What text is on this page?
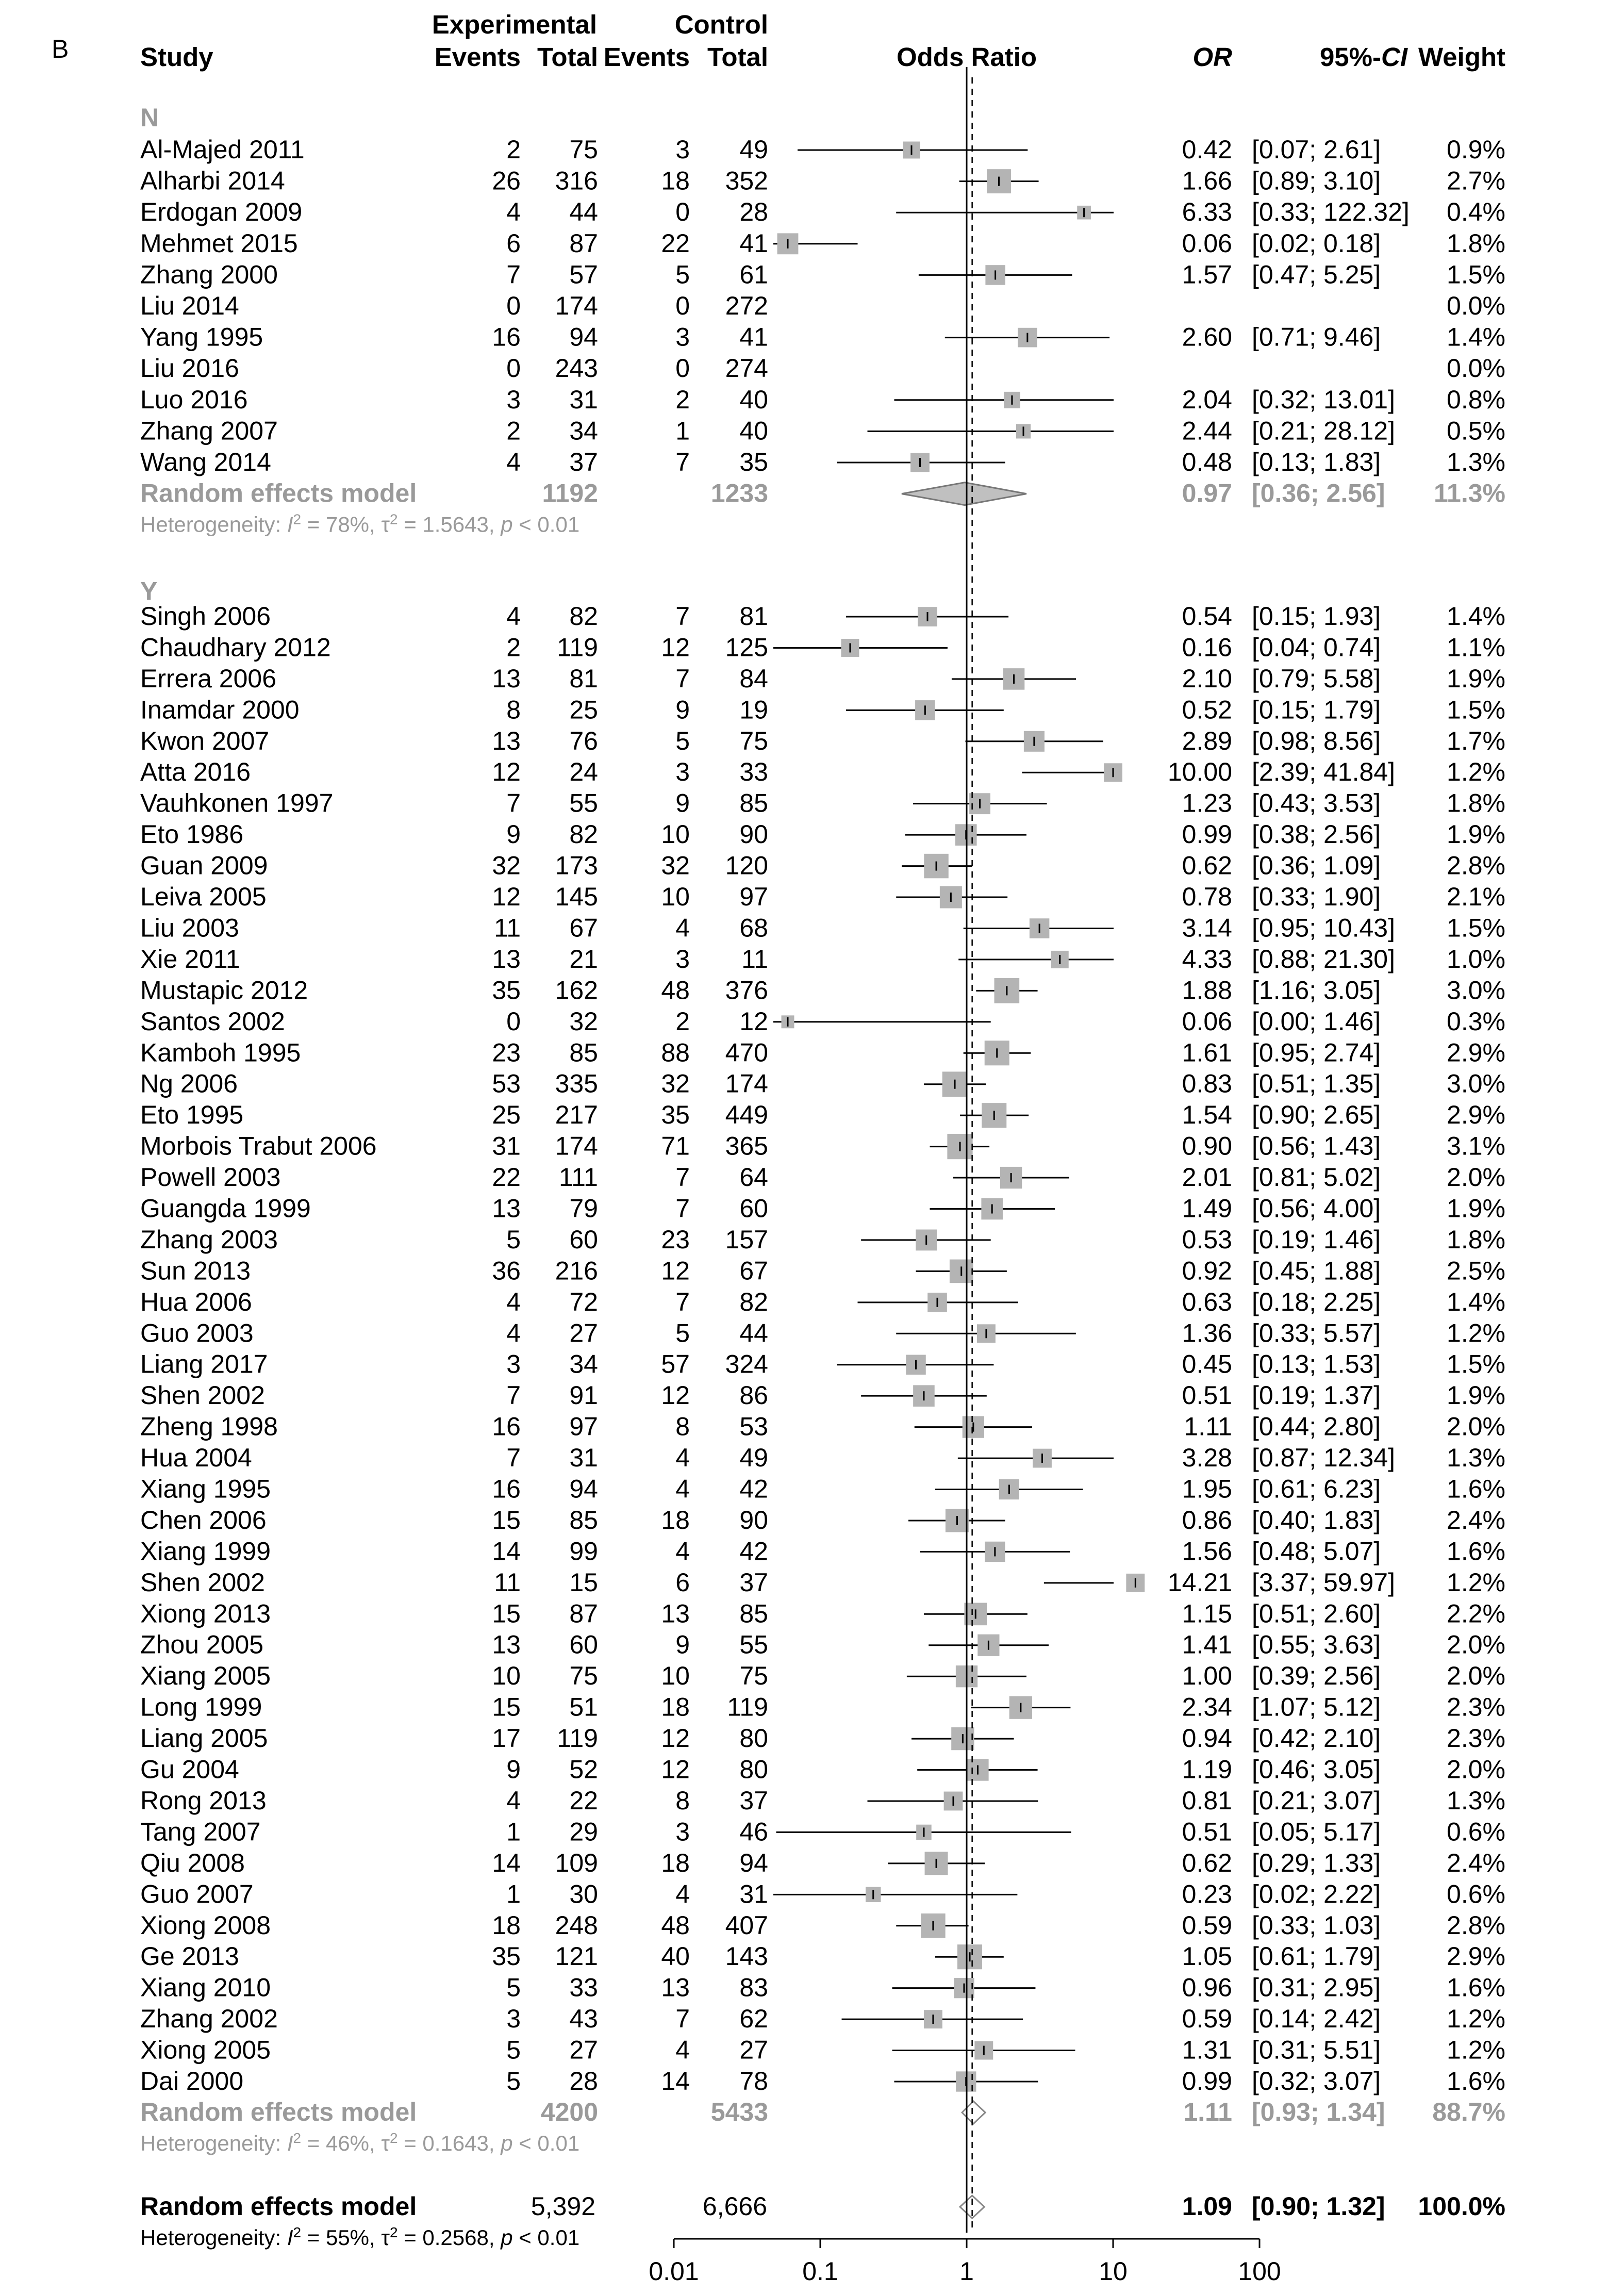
B
Experimental	Control
Study	Events Total Events Total	Odds Ratio	OR	95%-CI Weight
N
Al-Majed 2011	2 75	3 49	0.42 [0.07; 2.61]	0.9%
Alharbi 2014	26 316 18 352	1.66 [0.89; 3.10]	2.7%
Erdogan 2009	4 44	0 28	6.33 [0.33; 122.32] 0.4%
Mehmet 2015	6 87 22 41	0.06 [0.02; 0.18]	1.8%
Zhang 2000	7 57	5 61	1.57 [0.47; 5.25]	1.5%
Liu 2014	0 174	0 272	0.0%
Yang 1995	16 94	3 41	2.60 [0.71; 9.46]	1.4%
Liu 2016	0 243	0 274	0.0%
Luo 2016	3 31	2 40	2.04 [0.32; 13.01] 0.8%
Zhang 2007	2 34	1 40	2.44 [0.21; 28.12] 0.5%
Wang 2014	4 37	7 35	0.48 [0.13; 1.83]	1.3%
Random effects model	1192	1233	0.97 [0.36; 2.56] 11.3%
Heterogeneity: $I^2 = 78\%$, $\tau^2 = 1.5643$, p < 0.01
Y
Singh 2006	4 82	7 81	0.54 [0.15; 1.93]	1.4%
Chaudhary 2012	2 119 12 125	0.16 [0.04; 0.74]	1.1%
Errera 2006	13 81	7 84	2.10 [0.79; 5.58]	1.9%
Inamdar 2000	8 25	9 19	0.52 [0.15; 1.79]	1.5%
Kwon 2007	13 76	5 75	2.89 [0.98; 8.56]	1.7%
Atta 2016	12 24	3 33	10.00 [2.39; 41.84] 1.2%
Vauhkonen 1997	7 55	9 85	1.23 [0.43; 3.53]	1.8%
Eto 1986	9 82 10 90	0.99 [0.38; 2.56]	1.9%
Guan 2009	32 173 32 120	0.62 [0.36; 1.09]	2.8%
Leiva 2005	12 145 10 97	0.78 [0.33; 1.90]	2.1%
Liu 2003	11 67	4 68	3.14 [0.95; 10.43] 1.5%
Xie 2011	13 21	3 11	4.33 [0.88; 21.30] 1.0%
Mustapic 2012	35 162 48 376	1.88 [1.16; 3.05]	3.0%
Santos 2002	0 32	2 12	0.06 [0.00; 1.46]	0.3%
Kamboh 1995	23 85 88 470	1.61 [0.95; 2.74]	2.9%
Ng 2006	53 335 32 174	0.83 [0.51; 1.35]	3.0%
Eto 1995	25 217 35 449	1.54 [0.90; 2.65]	2.9%
Morbois Trabut 2006	31 174 71 365	0.90 [0.56; 1.43]	3.1%
Powell 2003	22 111	7 64	2.01 [0.81; 5.02]	2.0%
Guangda 1999	13 79	7 60	1.49 [0.56; 4.00]	1.9%
Zhang 2003	5 60 23 157	0.53 [0.19; 1.46]	1.8%
Sun 2013	36 216 12 67	0.92 [0.45; 1.88]	2.5%
Hua 2006	4 72	7 82	0.63 [0.18; 2.25]	1.4%
Guo 2003	4 27	5 44	1.36 [0.33; 5.57]	1.2%
Liang 2017	3 34 57 324	0.45 [0.13; 1.53]	1.5%
Shen 2002	7 91 12 86	0.51 [0.19; 1.37]	1.9%
Zheng 1998	16 97	8 53	1.11 [0.44; 2.80]	2.0%
Hua 2004	7 31	4 49	3.28 [0.87; 12.34] 1.3%
Xiang 1995	16 94	4 42	1.95 [0.61; 6.23]	1.6%
Chen 2006	15 85 18 90	0.86 [0.40; 1.83]	2.4%
Xiang 1999	14 99	4 42	1.56 [0.48; 5.07]	1.6%
Shen 2002	11 15	6 37	14.21 [3.37; 59.97] 1.2%
Xiong 2013	15 87 13 85	1.15 [0.51; 2.60]	2.2%
Zhou 2005	13 60	9 55	1.41 [0.55; 3.63]	2.0%
Xiang 2005	10 75 10 75	1.00 [0.39; 2.56]	2.0%
Long 1999	15 51 18 119	2.34 [1.07; 5.12]	2.3%
Liang 2005	17 119 12 80	0.94 [0.42; 2.10]	2.3%
Gu 2004	9 52 12 80	1.19 [0.46; 3.05]	2.0%
Rong 2013	4 22	8 37	0.81 [0.21; 3.07]	1.3%
Tang 2007	1 29	3 46	0.51 [0.05; 5.17]	0.6%
Qiu 2008	14 109 18 94	0.62 [0.29; 1.33]	2.4%
Guo 2007	1 30	4 31	0.23 [0.02; 2.22]	0.6%
Xiong 2008	18 248 48 407	0.59 [0.33; 1.03]	2.8%
Ge 2013	35 121 40 143	1.05 [0.61; 1.79]	2.9%
Xiang 2010	5 33 13 83	0.96 [0.31; 2.95]	1.6%
Zhang 2002	3 43	7 62	0.59 [0.14; 2.42]	1.2%
Xiong 2005	5 27	4 27	1.31 [0.31; 5.51]	1.2%
Dai 2000	5 28 14 78	0.99 [0.32; 3.07]	1.6%
Random effects model	4200	5433	1.11 [0.93; 1.34] 88.7%
Heterogeneity: $I^2 = 46\%$, $\tau^2 = 0.1643$, p < 0.01
Random effects model	5,392	6,666	1.09 [0.90; 1.32] 100.0%
Heterogeneity: $I^2 = 55\%$, $\tau^2 = 0.2568$, p < 0.01
0.01	0.1	1	10	100
